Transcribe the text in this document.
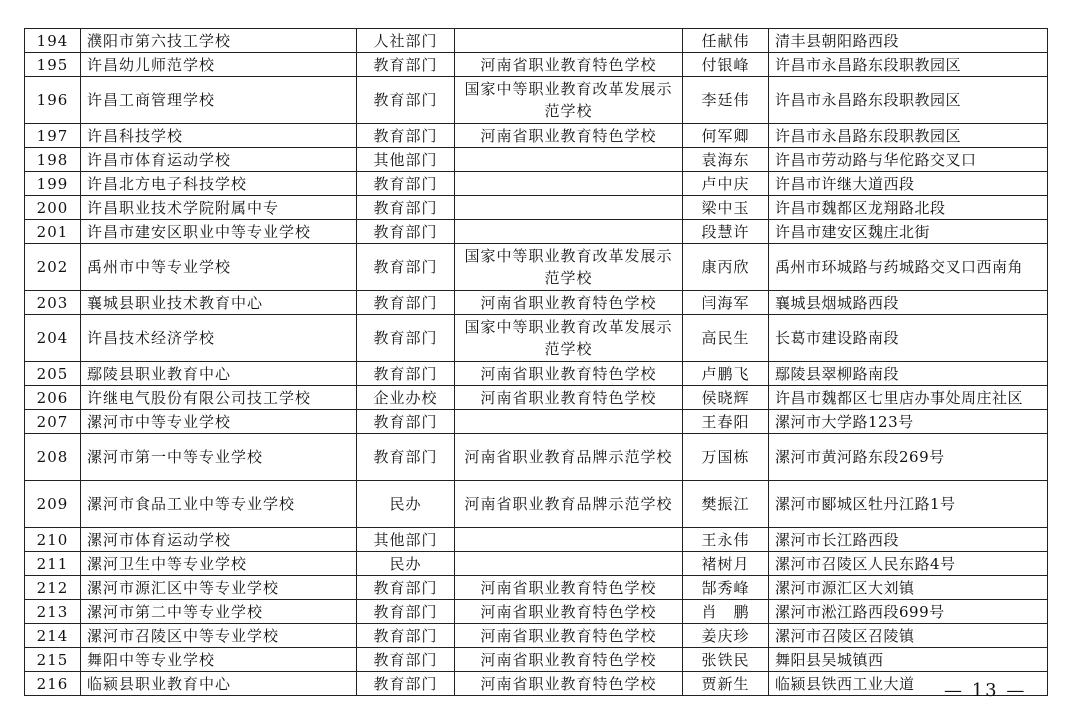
194	濮阳市第六技工学校	人社部门		任献伟	清丰县朝阳路西段
195	许昌幼儿师范学校	教育部门	河南省职业教育特色学校	付银峰	许昌市永昌路东段职教园区
196	许昌工商管理学校	教育部门	国家中等职业教育改革发展示范学校	李廷伟	许昌市永昌路东段职教园区
197	许昌科技学校	教育部门	河南省职业教育特色学校	何军卿	许昌市永昌路东段职教园区
198	许昌市体育运动学校	其他部门		袁海东	许昌市劳动路与华佗路交叉口
199	许昌北方电子科技学校	教育部门		卢中庆	许昌市许继大道西段
200	许昌职业技术学院附属中专	教育部门		梁中玉	许昌市魏都区龙翔路北段
201	许昌市建安区职业中等专业学校	教育部门		段慧许	许昌市建安区魏庄北街
202	禹州市中等专业学校	教育部门	国家中等职业教育改革发展示范学校	康丙欣	禹州市环城路与药城路交叉口西南角
203	襄城县职业技术教育中心	教育部门	河南省职业教育特色学校	闫海军	襄城县烟城路西段
204	许昌技术经济学校	教育部门	国家中等职业教育改革发展示范学校	高民生	长葛市建设路南段
205	鄢陵县职业教育中心	教育部门	河南省职业教育特色学校	卢鹏飞	鄢陵县翠柳路南段
206	许继电气股份有限公司技工学校	企业办校	河南省职业教育特色学校	侯晓辉	许昌市魏都区七里店办事处周庄社区
207	漯河市中等专业学校	教育部门		王春阳	漯河市大学路123号
208	漯河市第一中等专业学校	教育部门	河南省职业教育品牌示范学校	万国栋	漯河市黄河路东段269号
209	漯河市食品工业中等专业学校	民办	河南省职业教育品牌示范学校	樊振江	漯河市郾城区牡丹江路1号
210	漯河市体育运动学校	其他部门		王永伟	漯河市长江路西段
211	漯河卫生中等专业学校	民办		褚树月	漯河市召陵区人民东路4号
212	漯河市源汇区中等专业学校	教育部门	河南省职业教育特色学校	郜秀峰	漯河市源汇区大刘镇
213	漯河市第二中等专业学校	教育部门	河南省职业教育特色学校	肖　鹏	漯河市淞江路西段699号
214	漯河市召陵区中等专业学校	教育部门	河南省职业教育特色学校	姜庆珍	漯河市召陵区召陵镇
215	舞阳中等专业学校	教育部门	河南省职业教育特色学校	张铁民	舞阳县吴城镇西
216	临颍县职业教育中心	教育部门	河南省职业教育特色学校	贾新生	临颍县铁西工业大道 — 13 —
